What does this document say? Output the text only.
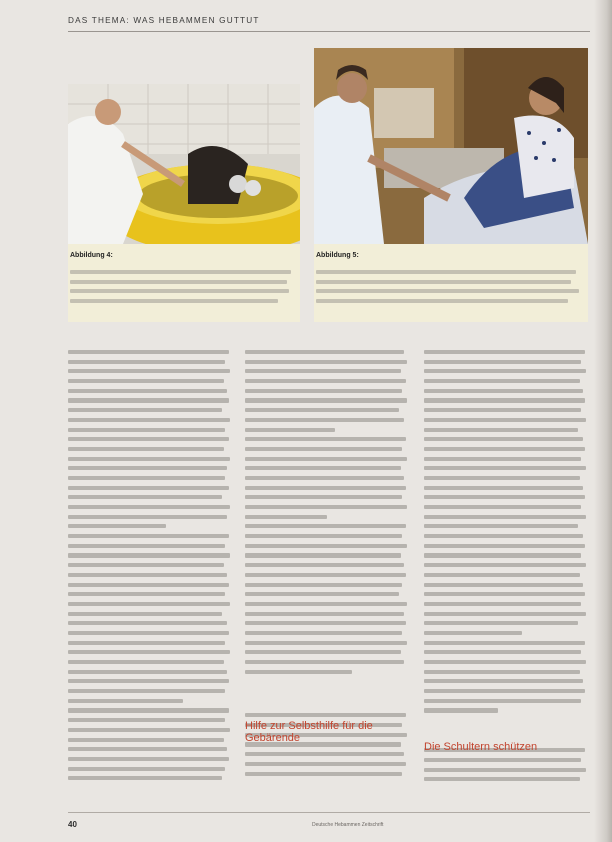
DAS THEMA: WAS HEBAMMEN GUTTUT
Abbildung 4:	Abbildung 5:
Hilfe zur Selbsthilfe für die Gebärende
Die Schultern schützen
40	Deutsche Hebammen Zeitschrift
